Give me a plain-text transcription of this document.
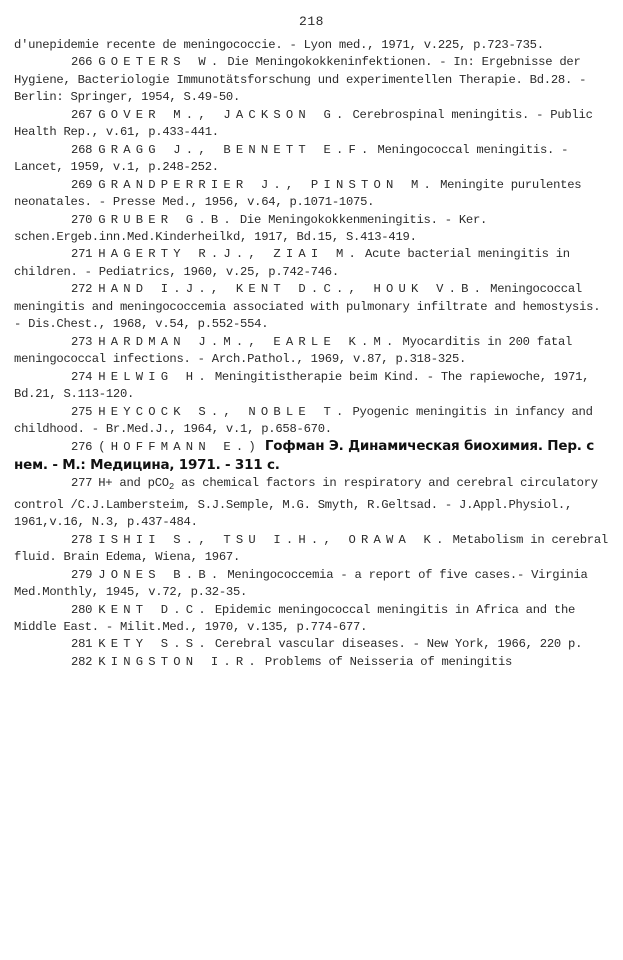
218

d'unepidemie recente de meningococcie. - Lyon med., 1971, v.225, p.723-735.

266 GOETERS W. Die Meningokokkeninfektionen. - In: Ergebnisse der Hygiene, Bacteriologie Immunotätsforschung und experimentellen Therapie. Bd.28. - Berlin: Springer, 1954, S.49-50.

267 GOVER M., JACKSON G. Cerebrospinal meningitis. - Public Health Rep., v.61, p.433-441.

268 GRAGG J., BENNETT E.F. Meningococcal meningitis. - Lancet, 1959, v.1, p.248-252.

269 GRANDPERRIER J., PINSTON M. Meningite purulentes neonatales. - Presse Med., 1956, v.64, p.1071-1075.

270 GRUBER G.B. Die Meningokokkenmeningitis. - Ker. schen.Ergeb.inn.Med.Kinderheilkd, 1917, Bd.15, S.413-419.

271 HAGERTY R.J., ZIAI M. Acute bacterial meningitis in children. - Pediatrics, 1960, v.25, p.742-746.

272 HAND I.J., KENT D.C., HOUK V.B. Meningococcal meningitis and meningococcemia associated with pulmonary infiltrate and hemostysis. - Dis.Chest., 1968, v.54, p.552-554.

273 HARDMAN J.M., EARLE K.M. Myocarditis in 200 fatal meningococcal infections. - Arch.Pathol., 1969, v.87, p.318-325.

274 HELWIG H. Meningitistherapie beim Kind. - The rapiewoche, 1971, Bd.21, S.113-120.

275 HEYCOCK S., NOBLE T. Pyogenic meningitis in infancy and childhood. - Br.Med.J., 1964, v.1, p.658-670.

276 (HOFFMANN E.) Гофман Э. Динамическая биохимия. Пер. с нем. - М.: Медицина, 1971. - 311 с.

277 H+ and pCO$_2$ as chemical factors in respiratory and cerebral circulatory control /C.J.Lambersteim, S.J.Semple, M.G. Smyth, R.Geltsad. - J.Appl.Physiol., 1961,v.16, N.3, p.437-484.

278 ISHII S., TSU I.H., ORAWA K. Metabolism in cerebral fluid. Brain Edema, Wiena, 1967.

279 JONES B.B. Meningococcemia - a report of five cases.- Virginia Med.Monthly, 1945, v.72, p.32-35.

280 KENT D.C. Epidemic meningococcal meningitis in Africa and the Middle East. - Milit.Med., 1970, v.135, p.774-677.

281 KETY S.S. Cerebral vascular diseases. - New York, 1966, 220 p.

282 KINGSTON I.R. Problems of Neisseria of meningitis
